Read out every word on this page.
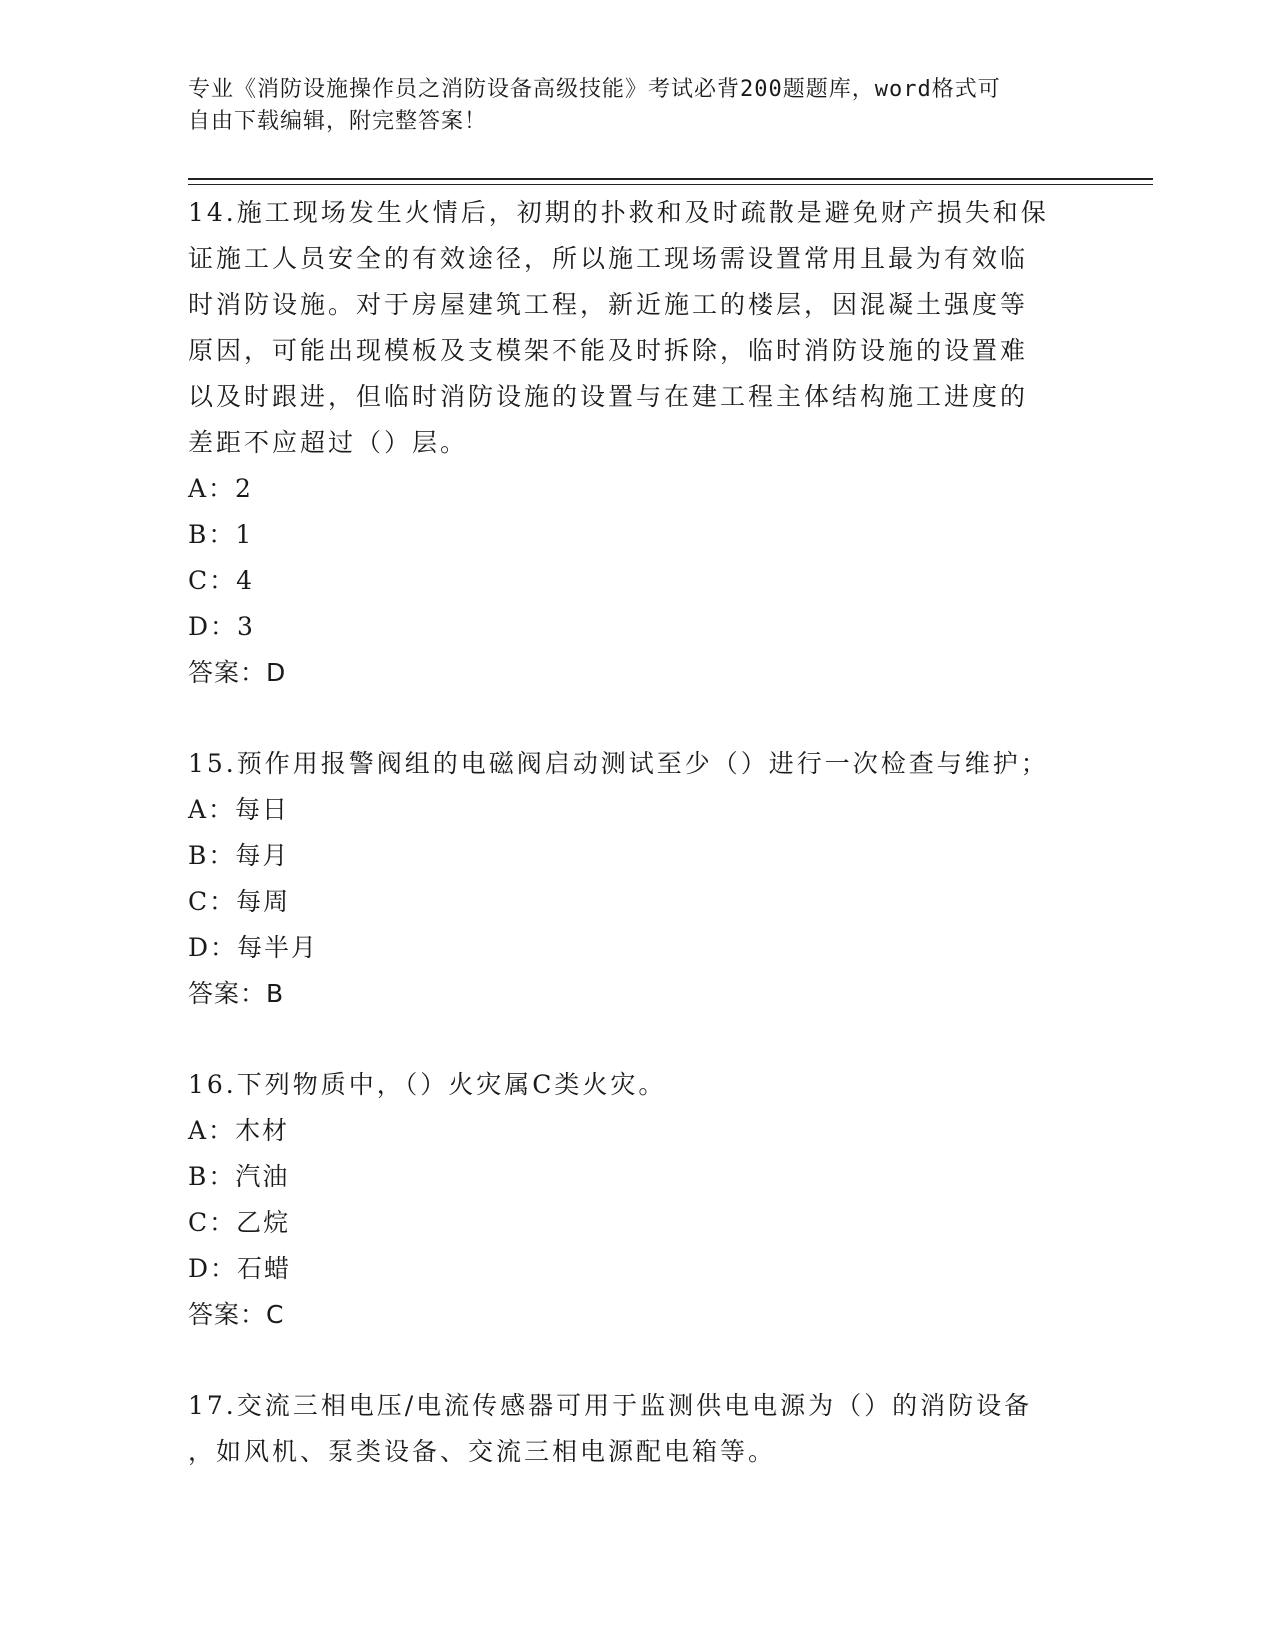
专业《消防设施操作员之消防设备高级技能》考试必背200题题库，word格式可
自由下载编辑，附完整答案！
14.施工现场发生火情后，初期的扑救和及时疏散是避免财产损失和保
证施工人员安全的有效途径，所以施工现场需设置常用且最为有效临
时消防设施。对于房屋建筑工程，新近施工的楼层，因混凝土强度等
原因，可能出现模板及支模架不能及时拆除，临时消防设施的设置难
以及时跟进，但临时消防设施的设置与在建工程主体结构施工进度的
差距不应超过（）层。
A：2
B：1
C：4
D：3
答案：D
15.预作用报警阀组的电磁阀启动测试至少（）进行一次检查与维护；
A：每日
B：每月
C：每周
D：每半月
答案：B
16.下列物质中，（）火灾属C类火灾。
A：木材
B：汽油
C：乙烷
D：石蜡
答案：C
17.交流三相电压/电流传感器可用于监测供电电源为（）的消防设备
，如风机、泵类设备、交流三相电源配电箱等。
